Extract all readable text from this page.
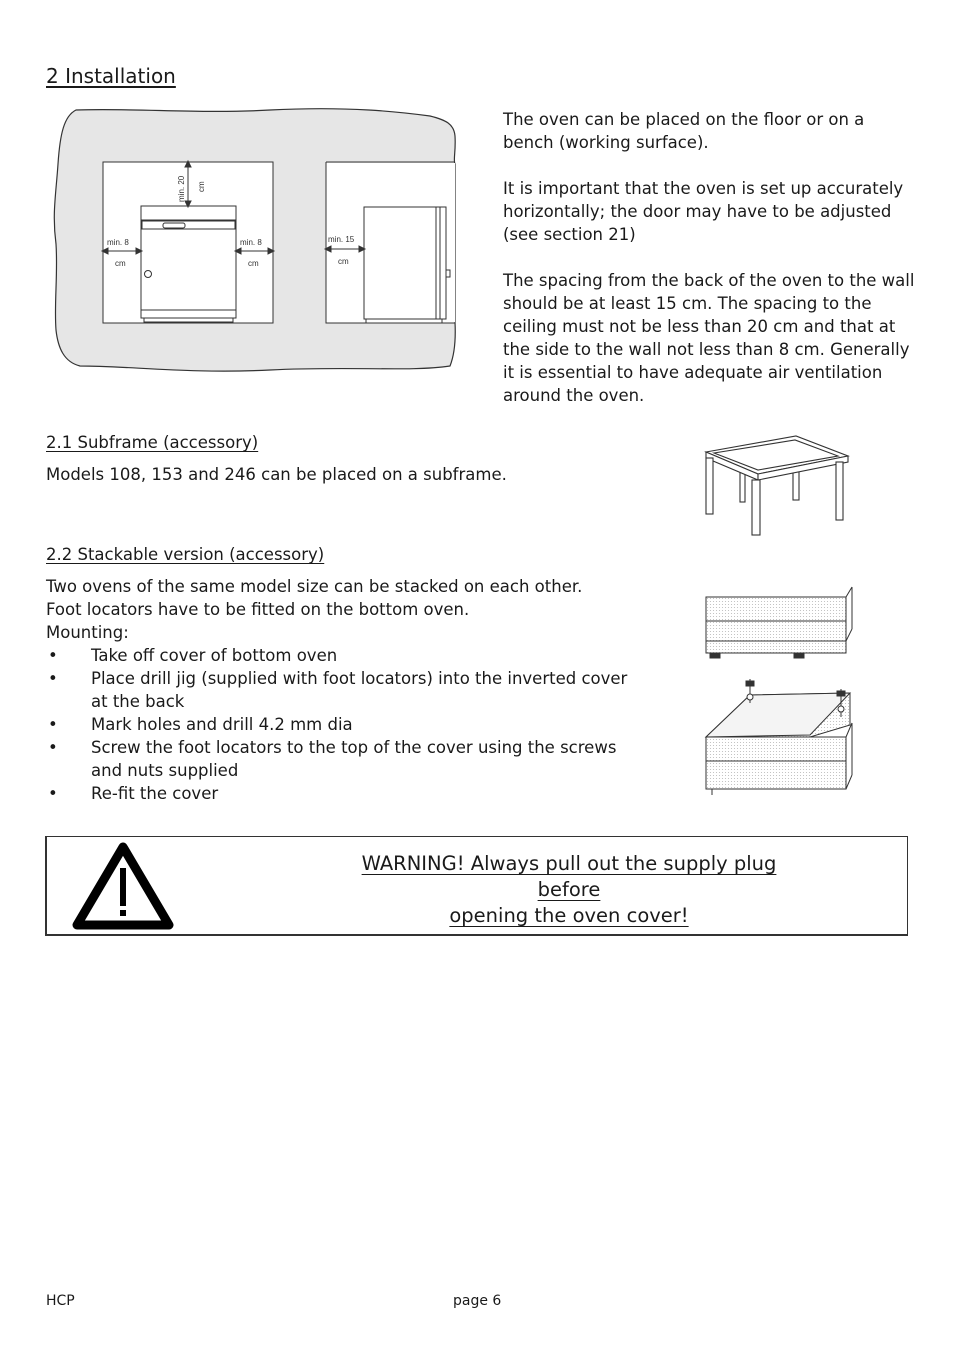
2 Installation
min. 20 cm
min. 8
cm
min. 8
cm
min. 15
cm

The oven can be placed on the floor or on a bench (working surface).

It is important that the oven is set up accurately horizontally; the door may have to be adjusted (see section 21)

The spacing from the back of the oven to the wall should be at least 15 cm. The spacing to the ceiling must not be less than 20 cm and that at the side to the wall not less than 8 cm. Generally it is essential to have adequate air ventilation around the oven.

2.1 Subframe (accessory)
Models 108, 153 and 246 can be placed on a subframe.
2.2 Stackable version (accessory)
Two ovens of the same model size can be stacked on each other.
Foot locators have to be fitted on the bottom oven.
Mounting:
• Take off cover of bottom oven
• Place drill jig (supplied with foot locators) into the inverted cover at the back
• Mark holes and drill 4.2 mm dia
• Screw the foot locators to the top of the cover using the screws and nuts supplied
• Re-fit the cover
WARNING! Always pull out the supply plug before
opening the oven cover!
HCP	page 6
